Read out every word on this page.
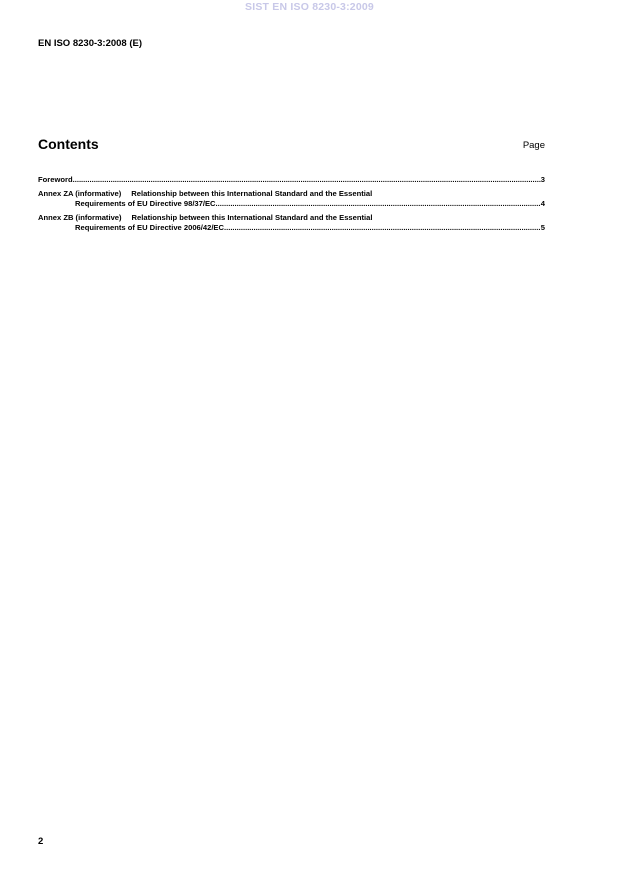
SIST EN ISO 8230-3:2009
EN ISO 8230-3:2008 (E)
Contents	Page
Foreword .....	3
Annex ZA (informative) Relationship between this International Standard and the Essential
Requirements of EU Directive 98/37/EC .....	4
Annex ZB (informative) Relationship between this International Standard and the Essential
Requirements of EU Directive 2006/42/EC .....	5
2
